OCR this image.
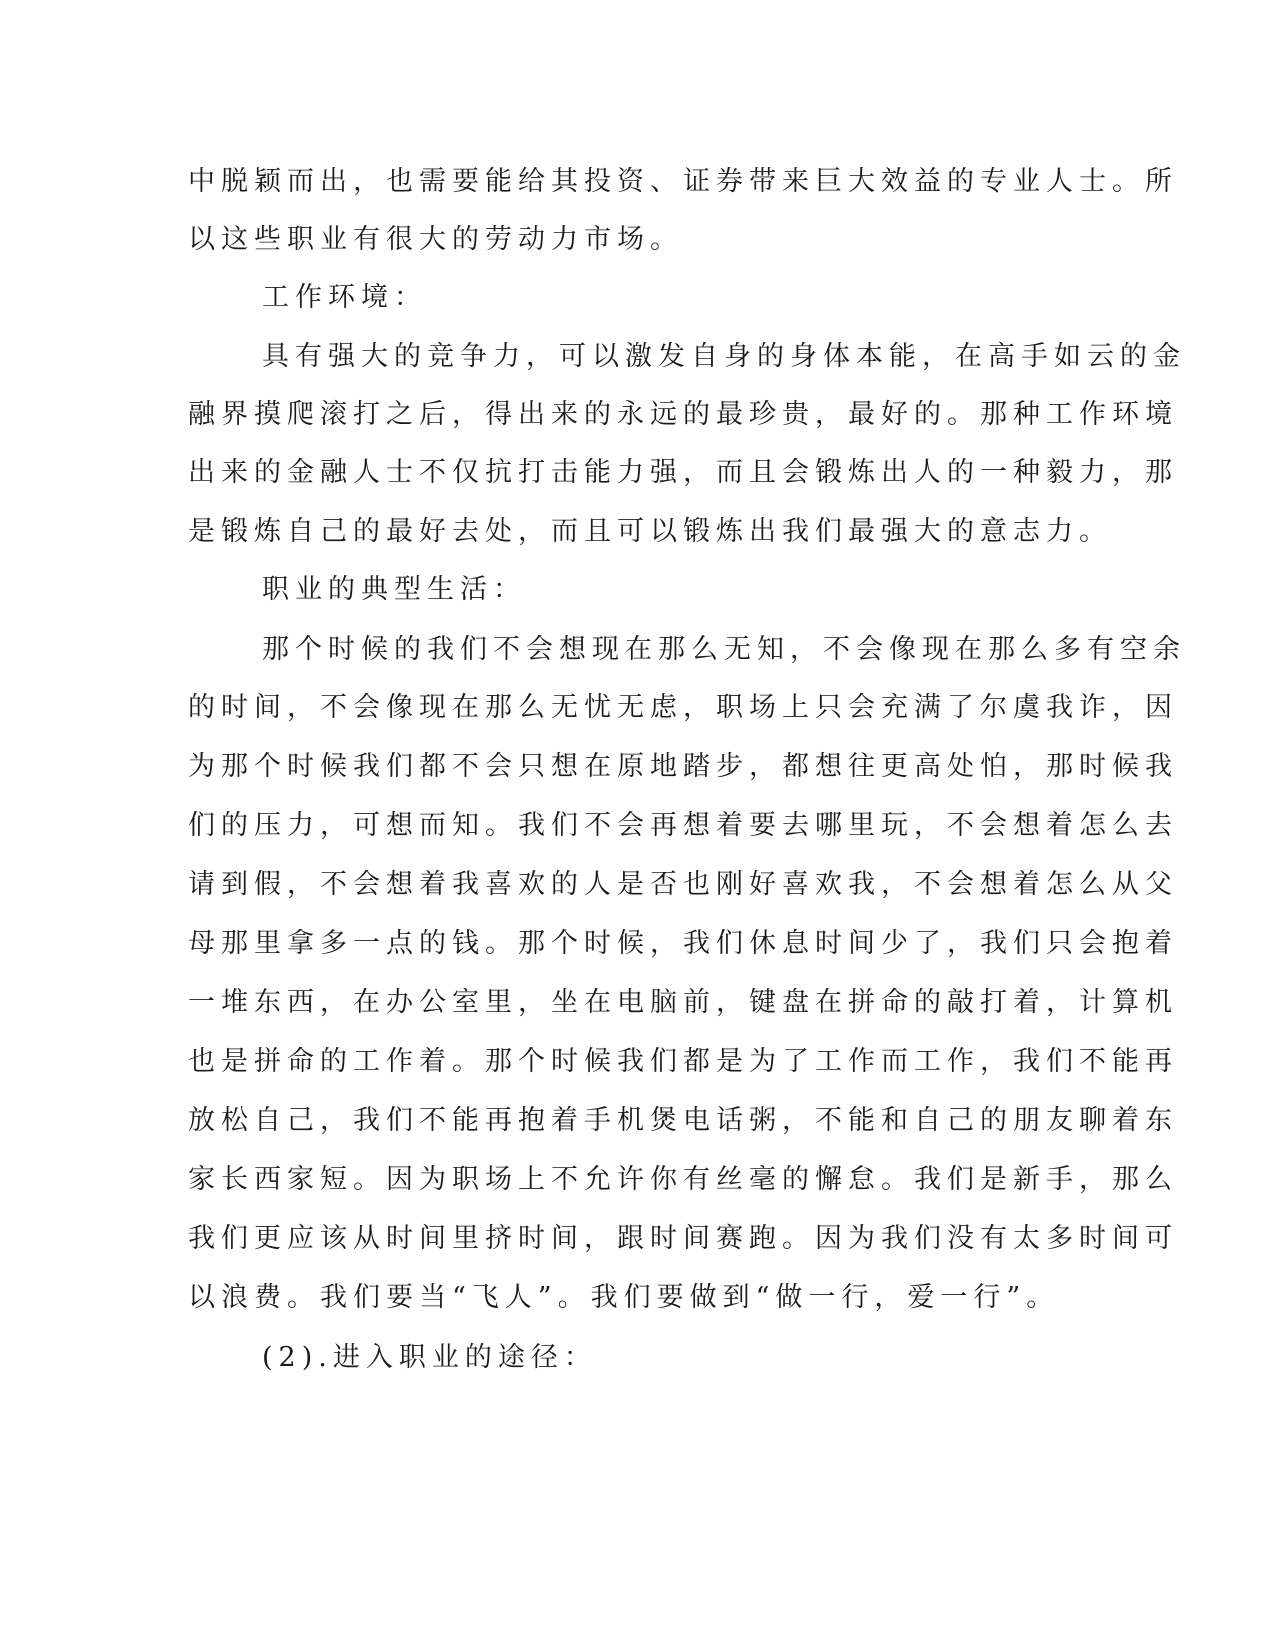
中脱颖而出，也需要能给其投资、证券带来巨大效益的专业人士。所
以这些职业有很大的劳动力市场。
工作环境：
具有强大的竞争力，可以激发自身的身体本能，在高手如云的金
融界摸爬滚打之后，得出来的永远的最珍贵，最好的。那种工作环境
出来的金融人士不仅抗打击能力强，而且会锻炼出人的一种毅力，那
是锻炼自己的最好去处，而且可以锻炼出我们最强大的意志力。
职业的典型生活：
那个时候的我们不会想现在那么无知，不会像现在那么多有空余
的时间，不会像现在那么无忧无虑，职场上只会充满了尔虞我诈，因
为那个时候我们都不会只想在原地踏步，都想往更高处怕，那时候我
们的压力，可想而知。我们不会再想着要去哪里玩，不会想着怎么去
请到假，不会想着我喜欢的人是否也刚好喜欢我，不会想着怎么从父
母那里拿多一点的钱。那个时候，我们休息时间少了，我们只会抱着
一堆东西，在办公室里，坐在电脑前，键盘在拼命的敲打着，计算机
也是拼命的工作着。那个时候我们都是为了工作而工作，我们不能再
放松自己，我们不能再抱着手机煲电话粥，不能和自己的朋友聊着东
家长西家短。因为职场上不允许你有丝毫的懈怠。我们是新手，那么
我们更应该从时间里挤时间，跟时间赛跑。因为我们没有太多时间可
以浪费。我们要当“飞人”。我们要做到“做一行，爱一行”。
(2).进入职业的途径：
